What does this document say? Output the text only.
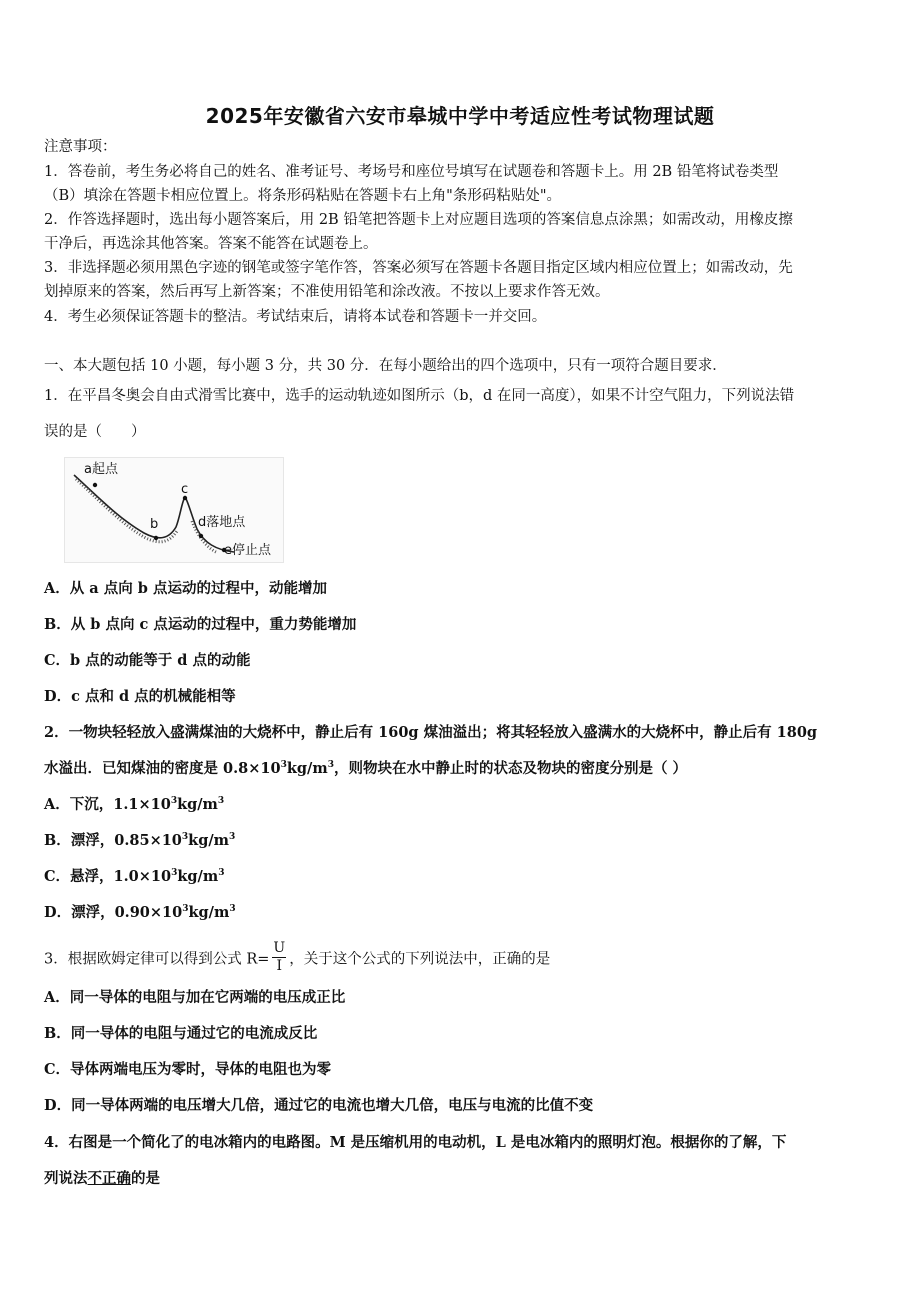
2025年安徽省六安市皋城中学中考适应性考试物理试题
注意事项：
1．答卷前，考生务必将自己的姓名、准考证号、考场号和座位号填写在试题卷和答题卡上。用 2B 铅笔将试卷类型
（B）填涂在答题卡相应位置上。将条形码粘贴在答题卡右上角"条形码粘贴处"。
2．作答选择题时，选出每小题答案后，用 2B 铅笔把答题卡上对应题目选项的答案信息点涂黑；如需改动，用橡皮擦
干净后，再选涂其他答案。答案不能答在试题卷上。
3．非选择题必须用黑色字迹的钢笔或签字笔作答，答案必须写在答题卡各题目指定区域内相应位置上；如需改动，先
划掉原来的答案，然后再写上新答案；不准使用铅笔和涂改液。不按以上要求作答无效。
4．考生必须保证答题卡的整洁。考试结束后，请将本试卷和答题卡一并交回。
一、本大题包括 10 小题，每小题 3 分，共 30 分．在每小题给出的四个选项中，只有一项符合题目要求．
1．在平昌冬奥会自由式滑雪比赛中，选手的运动轨迹如图所示（b，d 在同一高度），如果不计空气阻力，下列说法错
误的是（　　）
a起点
b
c
d落地点
e停止点
A．从 a 点向 b 点运动的过程中，动能增加
B．从 b 点向 c 点运动的过程中，重力势能增加
C．b 点的动能等于 d 点的动能
D．c 点和 d 点的机械能相等
2．一物块轻轻放入盛满煤油的大烧杯中，静止后有 160g 煤油溢出；将其轻轻放入盛满水的大烧杯中，静止后有 180g
水溢出．已知煤油的密度是 $0.8\times 10^3kg/m^3$，则物块在水中静止时的状态及物块的密度分别是（ ）
A．下沉，$1.1\times 10^3kg/m^3$
B．漂浮，$0.85\times 10^3kg/m^3$
C．悬浮，$1.0\times 10^3kg/m^3$
D．漂浮，$0.90\times 10^3kg/m^3$
3．根据欧姆定律可以得到公式 $R= \frac{U}{I}$ ，关于这个公式的下列说法中，正确的是
A．同一导体的电阻与加在它两端的电压成正比
B．同一导体的电阻与通过它的电流成反比
C．导体两端电压为零时，导体的电阻也为零
D．同一导体两端的电压增大几倍，通过它的电流也增大几倍，电压与电流的比值不变
4．右图是一个简化了的电冰箱内的电路图。M 是压缩机用的电动机，L 是电冰箱内的照明灯泡。根据你的了解，下
列说法不正确的是
